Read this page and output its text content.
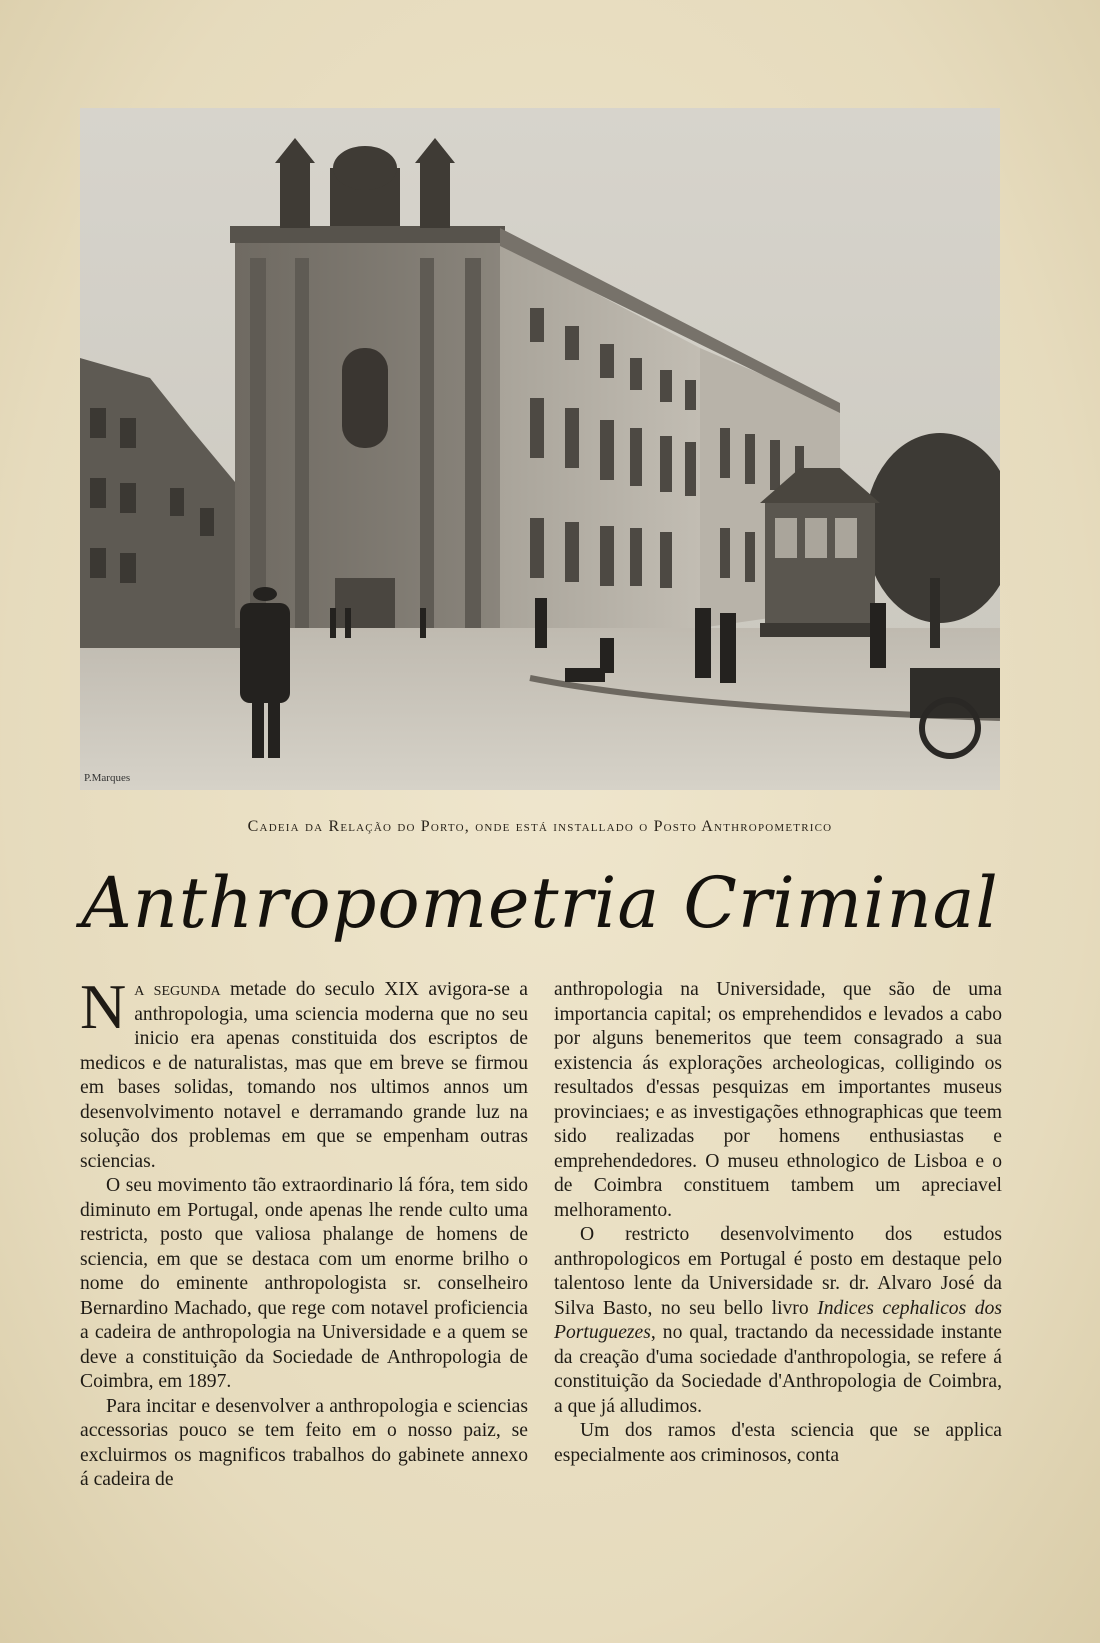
P.Marques
Cadeia da Relação do Porto, onde está installado o Posto Anthropometrico
Anthropometria Criminal

Na segunda metade do seculo XIX avigora-se a anthropologia, uma sciencia moderna que no seu inicio era apenas constituida dos escriptos de medicos e de naturalistas, mas que em breve se firmou em bases solidas, tomando nos ultimos annos um desenvolvimento notavel e derramando grande luz na solução dos problemas em que se empenham outras sciencias.

O seu movimento tão extraordinario lá fóra, tem sido diminuto em Portugal, onde apenas lhe rende culto uma restricta, posto que valiosa phalange de homens de sciencia, em que se destaca com um enorme brilho o nome do eminente anthropologista sr. conselheiro Bernardino Machado, que rege com notavel proficiencia a cadeira de anthropologia na Universidade e a quem se deve a constituição da Sociedade de Anthropologia de Coimbra, em 1897.

Para incitar e desenvolver a anthropologia e sciencias accessorias pouco se tem feito em o nosso paiz, se excluirmos os magnificos trabalhos do gabinete annexo á cadeira de

anthropologia na Universidade, que são de uma importancia capital; os emprehendidos e levados a cabo por alguns benemeritos que teem consagrado a sua existencia ás explorações archeologicas, colligindo os resultados d'essas pesquizas em importantes museus provinciaes; e as investigações ethnographicas que teem sido realizadas por homens enthusiastas e emprehendedores. O museu ethnologico de Lisboa e o de Coimbra constituem tambem um apreciavel melhoramento.

O restricto desenvolvimento dos estudos anthropologicos em Portugal é posto em destaque pelo talentoso lente da Universidade sr. dr. Alvaro José da Silva Basto, no seu bello livro Indices cephalicos dos Portuguezes, no qual, tractando da necessidade instante da creação d'uma sociedade d'anthropologia, se refere á constituição da Sociedade d'Anthropologia de Coimbra, a que já alludimos.

Um dos ramos d'esta sciencia que se applica especialmente aos criminosos, conta
